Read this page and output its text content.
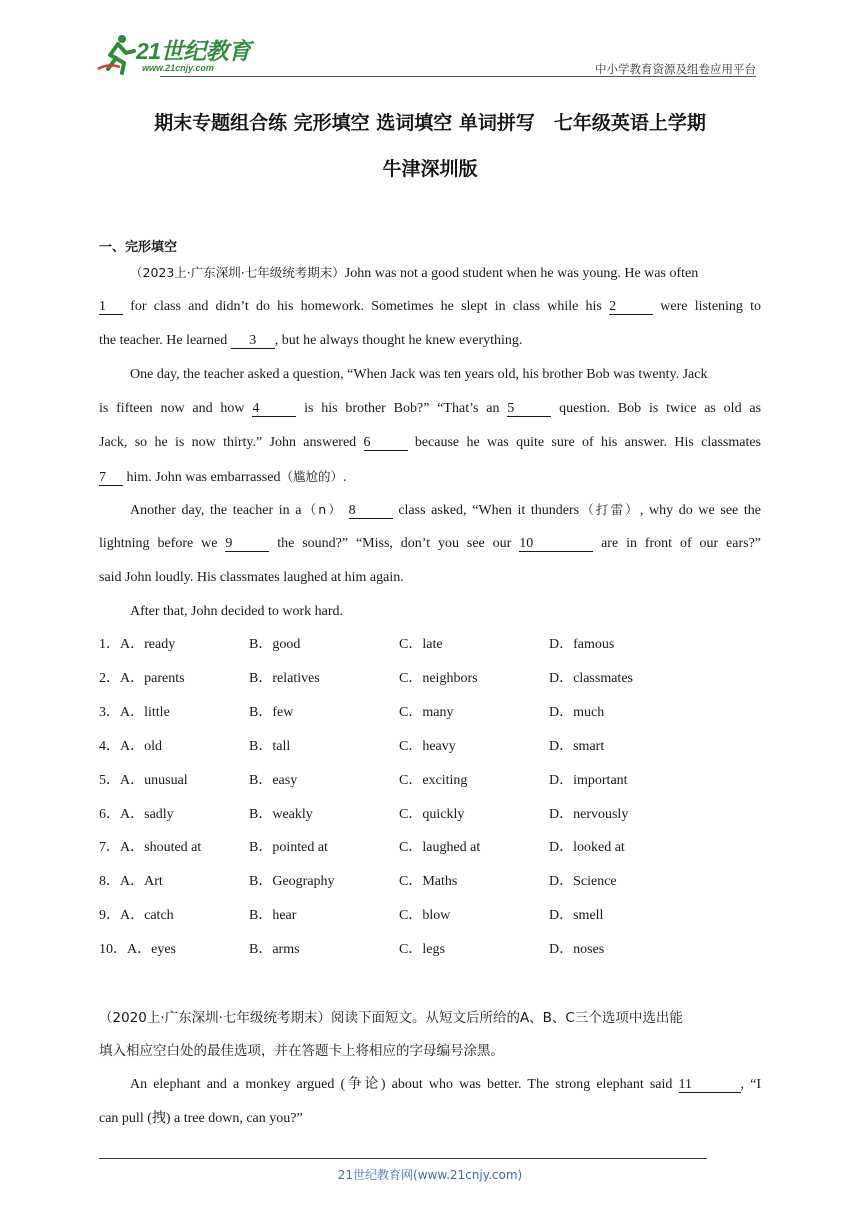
21世纪教育
www.21cnjy.com	中小学教育资源及组卷应用平台
期末专题组合练 完形填空 选词填空 单词拼写　七年级英语上学期
牛津深圳版
一、完形填空
（2023上·广东深圳·七年级统考期末）John was not a good student when he was young. He was often
1 for class and didn’t do his homework. Sometimes he slept in class while his 2	were listening to
the teacher. He learned 3 , but he always thought he knew everything.
One day, the teacher asked a question, “When Jack was ten years old, his brother Bob was twenty. Jack
is fifteen now and how 4	is his brother Bob?” “That’s an 5	question. Bob is twice as old as
Jack, so he is now thirty.” John answered 6	because he was quite sure of his answer. His classmates
7 him. John was embarrassed（尴尬的）.
Another day, the teacher in a（n） 8	class asked, “When it thunders（打雷）, why do we see the
lightning before we 9	the sound?” “Miss, don’t you see our 10	are in front of our ears?”
said John loudly. His classmates laughed at him again.
After that, John decided to work hard.
1．A．ready	B．good	C．late	D．famous
2．A．parents	B．relatives	C．neighbors	D．classmates
3．A．little	B．few	C．many	D．much
4．A．old	B．tall	C．heavy	D．smart
5．A．unusual	B．easy	C．exciting	D．important
6．A．sadly	B．weakly	C．quickly	D．nervously
7．A．shouted at	B．pointed at	C．laughed at	D．looked at
8．A．Art	B．Geography	C．Maths	D．Science
9．A．catch	B．hear	C．blow	D．smell
10．A．eyes	B．arms	C．legs	D．noses
（2020上·广东深圳·七年级统考期末）阅读下面短文。从短文后所给的A、B、C三个选项中选出能
填入相应空白处的最佳选项，并在答题卡上将相应的字母编号涂黑。
An elephant and a monkey argued (争论) about who was better. The strong elephant said 11	, “I
can pull (拽) a tree down, can you?”
21世纪教育网(www.21cnjy.com)
